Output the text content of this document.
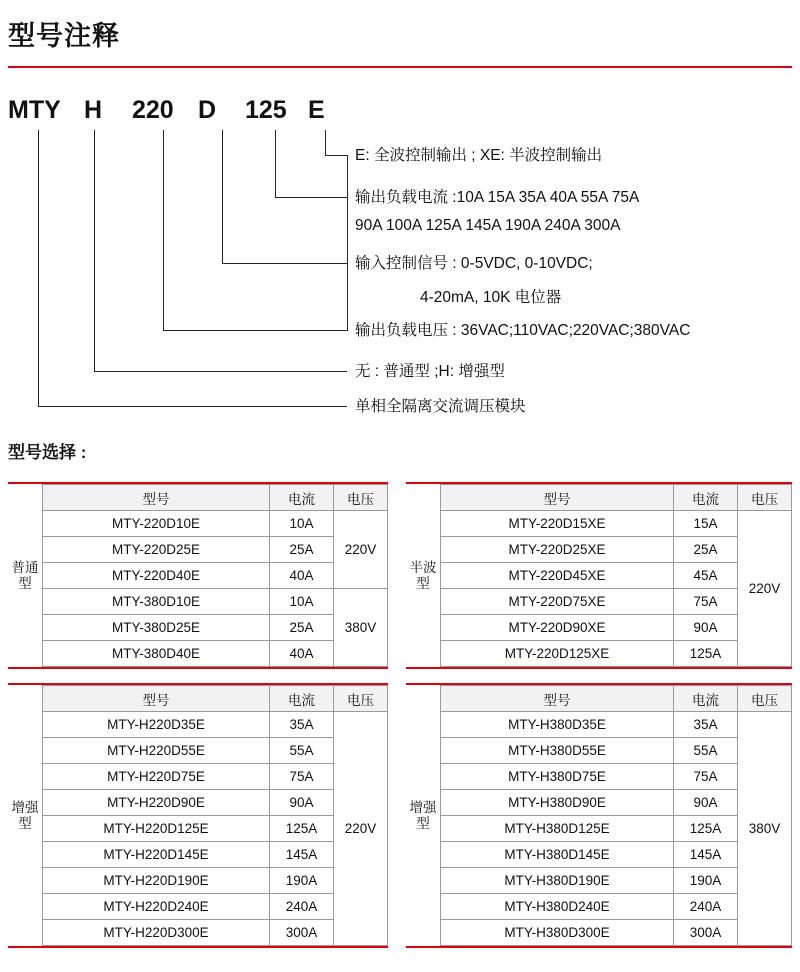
型号注释
MTY H 220 D 125 E
E: 全波控制输出 ; XE: 半波控制输出
输出负载电流 :10A 15A 35A 40A 55A 75A
90A 100A 125A 145A 190A 240A 300A
输入控制信号 : 0-5VDC, 0-10VDC;
4-20mA, 10K 电位器
输出负载电压 : 36VAC;110VAC;220VAC;380VAC
无 : 普通型 ;H: 增强型
单相全隔离交流调压模块
型号选择 :
普通型
型号	电流	电压
MTY-220D10E	10A	220V
MTY-220D25E	25A	
MTY-220D40E	40A	
MTY-380D10E	10A	380V
MTY-380D25E	25A	
MTY-380D40E	40A	
半波型
型号	电流	电压
MTY-220D15XE	15A	220V
MTY-220D25XE	25A	
MTY-220D45XE	45A	
MTY-220D75XE	75A	
MTY-220D90XE	90A	
MTY-220D125XE	125A	
增强型
型号	电流	电压
MTY-H220D35E	35A	220V
MTY-H220D55E	55A	
MTY-H220D75E	75A	
MTY-H220D90E	90A	
MTY-H220D125E	125A	
MTY-H220D145E	145A	
MTY-H220D190E	190A	
MTY-H220D240E	240A	
MTY-H220D300E	300A	
增强型
型号	电流	电压
MTY-H380D35E	35A	380V
MTY-H380D55E	55A	
MTY-H380D75E	75A	
MTY-H380D90E	90A	
MTY-H380D125E	125A	
MTY-H380D145E	145A	
MTY-H380D190E	190A	
MTY-H380D240E	240A	
MTY-H380D300E	300A	
